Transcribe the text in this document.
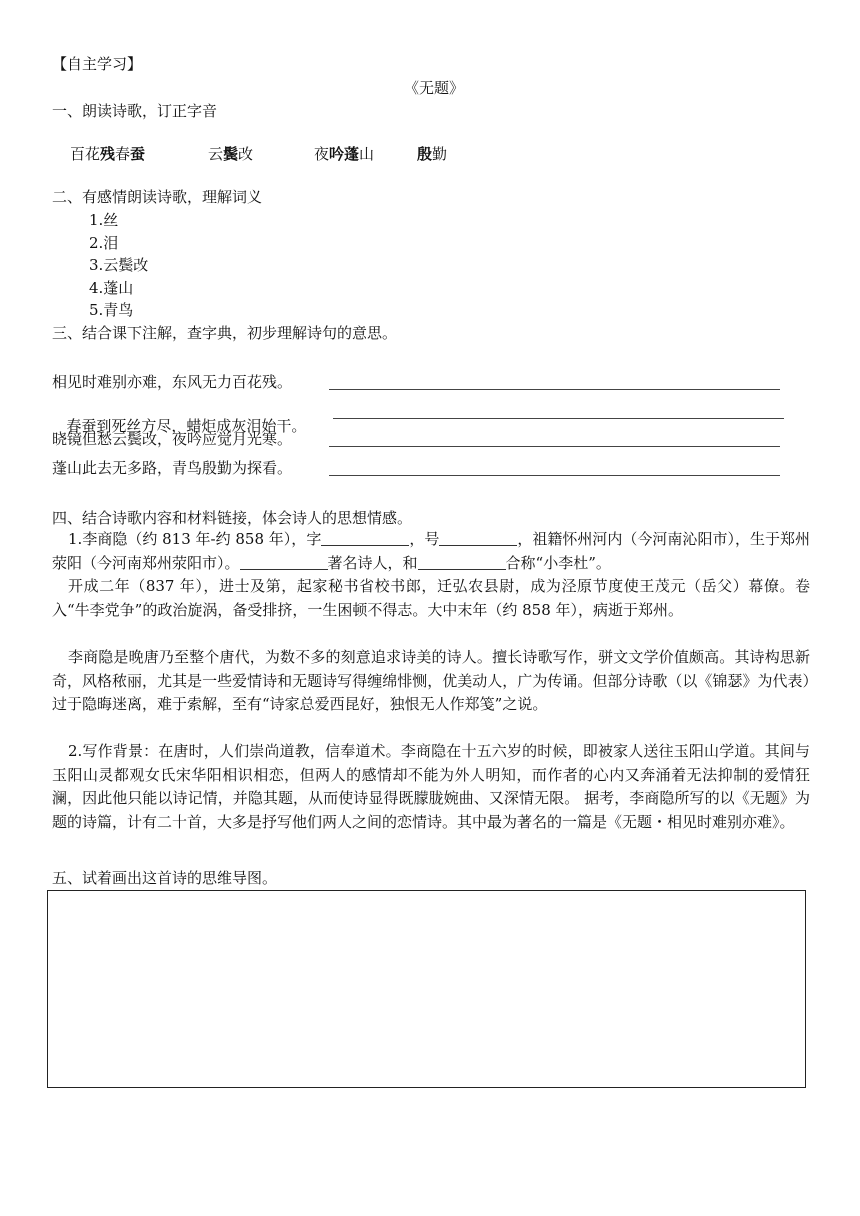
【自主学习】
《无题》
一、朗读诗歌，订正字音
百花残春蚕	云鬓改	夜吟蓬山	殷勤
二、有感情朗读诗歌，理解词义
1.丝
2.泪
3.云鬓改
4.蓬山
5.青鸟
三、结合课下注解，查字典，初步理解诗句的意思。
相见时难别亦难，东风无力百花残。

春蚕到死丝方尽，蜡炬成灰泪始干。

晓镜但愁云鬓改，夜吟应觉月光寒。
蓬山此去无多路，青鸟殷勤为探看。
四、结合诗歌内容和材料链接，体会诗人的思想情感。
1.李商隐（约 813 年-约 858 年），字	，号	，祖籍怀州河内（今河南沁阳市），生于郑州荥阳（今河南郑州荥阳市）。	著名诗人，和	合称“小李杜”。
开成二年（837 年），进士及第，起家秘书省校书郎，迁弘农县尉，成为泾原节度使王茂元（岳父）幕僚。卷入“牛李党争”的政治旋涡，备受排挤，一生困顿不得志。大中末年（约 858 年），病逝于郑州。
李商隐是晚唐乃至整个唐代，为数不多的刻意追求诗美的诗人。擅长诗歌写作，骈文文学价值颇高。其诗构思新奇，风格秾丽，尤其是一些爱情诗和无题诗写得缠绵悱恻，优美动人，广为传诵。但部分诗歌（以《锦瑟》为代表）过于隐晦迷离，难于索解，至有“诗家总爱西昆好，独恨无人作郑笺”之说。
2.写作背景：在唐时，人们崇尚道教，信奉道术。李商隐在十五六岁的时候，即被家人送往玉阳山学道。其间与玉阳山灵都观女氏宋华阳相识相恋，但两人的感情却不能为外人明知，而作者的心内又奔涌着无法抑制的爱情狂澜，因此他只能以诗记情，并隐其题，从而使诗显得既朦胧婉曲、又深情无限。 据考，李商隐所写的以《无题》为题的诗篇，计有二十首，大多是抒写他们两人之间的恋情诗。其中最为著名的一篇是《无题・相见时难别亦难》。
五、试着画出这首诗的思维导图。
